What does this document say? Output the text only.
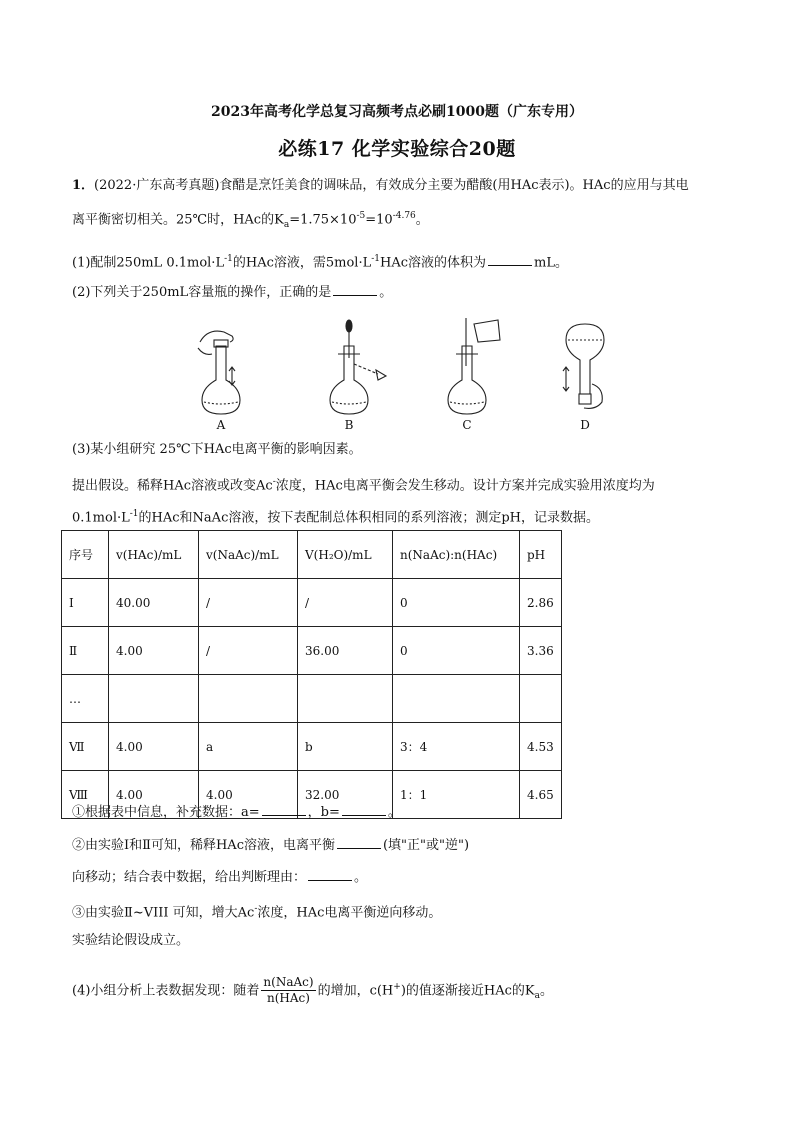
2023年高考化学总复习高频考点必刷1000题（广东专用）
必练17 化学实验综合20题
1．(2022·广东高考真题)食醋是烹饪美食的调味品，有效成分主要为醋酸(用HAc表示)。HAc的应用与其电
离平衡密切相关。25℃时，HAc的$K_a=1.75\times 10^{-5}=10^{-4.76}$。
(1)配制250mL $0.1mol\cdot L^{-1}$的HAc溶液，需$5mol\cdot L^{-1}HAc$溶液的体积为	mL。
(2)下列关于250mL容量瓶的操作，正确的是	。
A	B	C	D
(3)某小组研究 25℃下HAc电离平衡的影响因素。
提出假设。稀释HAc溶液或改变Ac-浓度，HAc电离平衡会发生移动。设计方案并完成实验用浓度均为
$0.1mol\cdot L^{-1}$的HAc和NaAc溶液，按下表配制总体积相同的系列溶液；测定pH，记录数据。
序号	v(HAc)/mL	v(NaAc)/mL	V(H₂O)/mL	n(NaAc):n(HAc)	pH
Ⅰ	40.00	/	/	0	2.86
Ⅱ	4.00	/	36.00	0	3.36
…					
Ⅶ	4.00	a	b	3：4	4.53
Ⅷ	4.00	4.00	32.00	1：1	4.65
①根据表中信息，补充数据：a=	，b=	。
②由实验Ⅰ和Ⅱ可知，稀释HAc溶液，电离平衡	(填"正"或"逆")
向移动；结合表中数据，给出判断理由：	。
③由实验Ⅱ~VIII 可知，增大Ac-浓度，HAc电离平衡逆向移动。
实验结论假设成立。
(4)小组分析上表数据发现：随着 $\frac{\text{n(NaAc)}}{\text{n(HAc)}}$ 的增加，c(H+)的值逐渐接近HAc的$K_a$。
